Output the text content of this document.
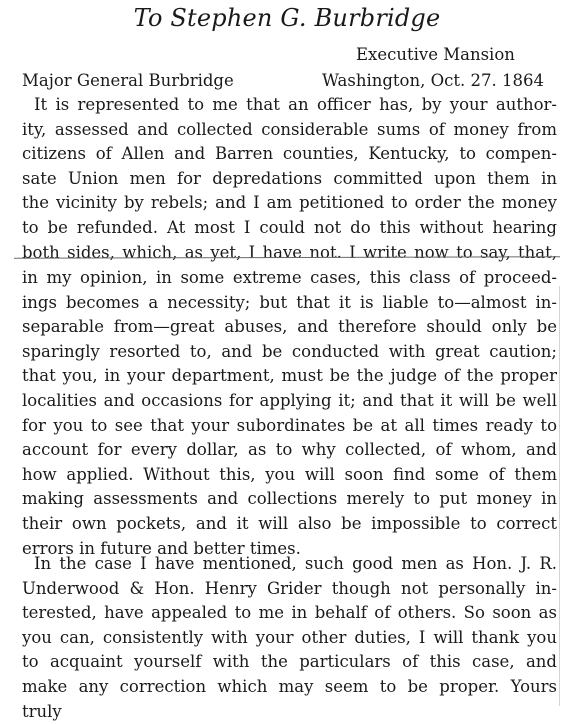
To Stephen G. Burbridge
Executive Mansion
Major General Burbridge	Washington, Oct. 27. 1864

It is represented to me that an officer has, by your author-
ity, assessed and collected considerable sums of money from
citizens of Allen and Barren counties, Kentucky, to compen-
sate Union men for depredations committed upon them in
the vicinity by rebels; and I am petitioned to order the money
to be refunded. At most I could not do this without hearing
both sides, which, as yet, I have not. I write now to say, that,

in my opinion, in some extreme cases, this class of proceed-
ings becomes a necessity; but that it is liable to—almost in-
separable from—great abuses, and therefore should only be
sparingly resorted to, and be conducted with great caution;
that you, in your department, must be the judge of the proper
localities and occasions for applying it; and that it will be well
for you to see that your subordinates be at all times ready to
account for every dollar, as to why collected, of whom, and
how applied. Without this, you will soon find some of them
making assessments and collections merely to put money in
their own pockets, and it will also be impossible to correct
errors in future and better times.

In the case I have mentioned, such good men as Hon. J. R.
Underwood & Hon. Henry Grider though not personally in-
terested, have appealed to me in behalf of others. So soon as
you can, consistently with your other duties, I will thank you
to acquaint yourself with the particulars of this case, and
make any correction which may seem to be proper. Yours
truly
